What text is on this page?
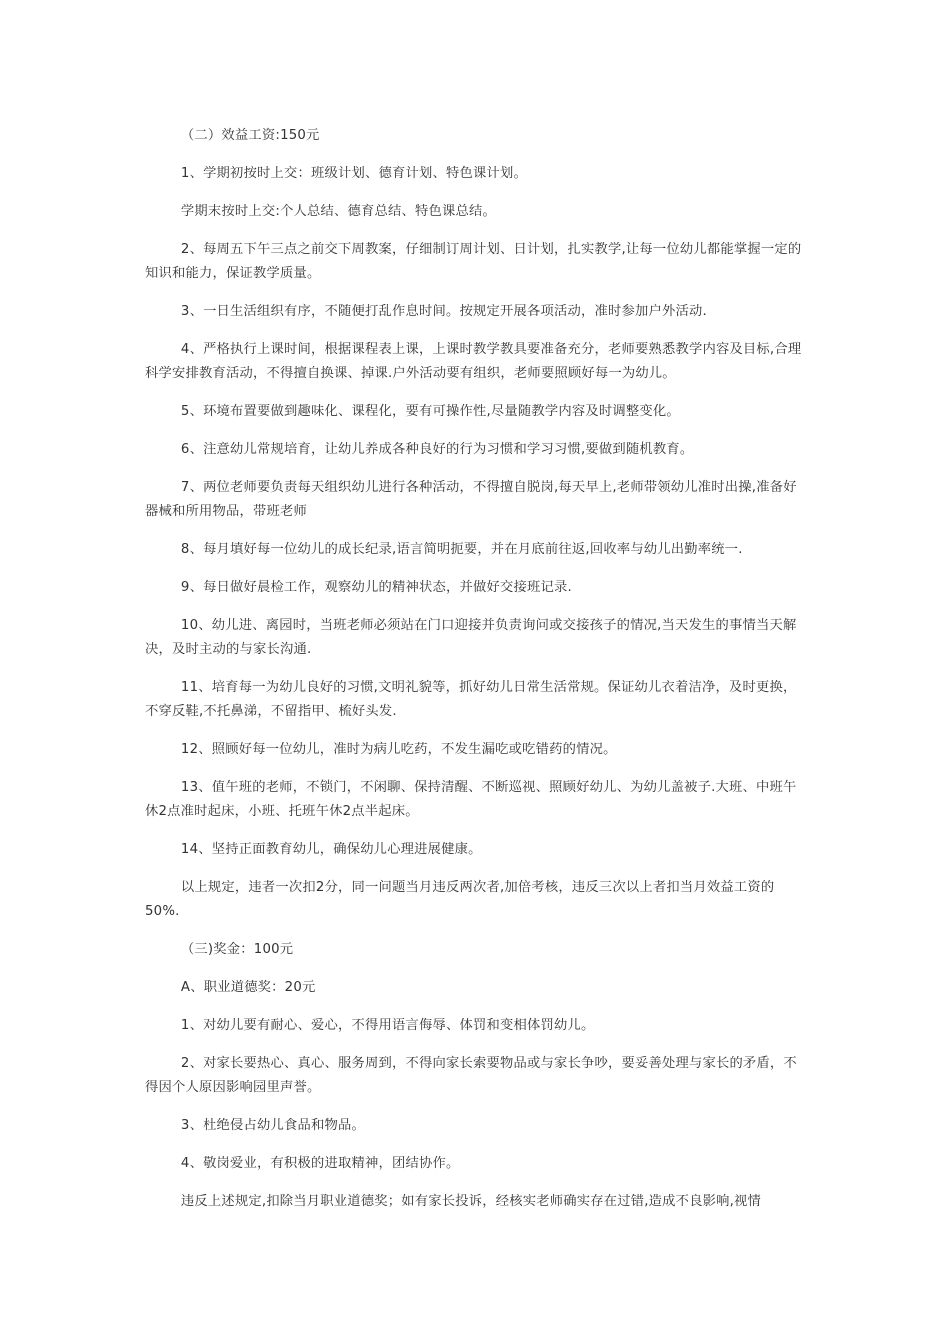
（二）效益工资:150元

1、学期初按时上交：班级计划、德育计划、特色课计划。

学期末按时上交:个人总结、德育总结、特色课总结。

2、每周五下午三点之前交下周教案，仔细制订周计划、日计划，扎实教学,让每一位幼儿都能掌握一定的知识和能力，保证教学质量。

3、一日生活组织有序，不随便打乱作息时间。按规定开展各项活动，准时参加户外活动.

4、严格执行上课时间，根据课程表上课，上课时教学教具要准备充分，老师要熟悉教学内容及目标,合理科学安排教育活动，不得擅自换课、掉课.户外活动要有组织，老师要照顾好每一为幼儿。

5、环境布置要做到趣味化、课程化，要有可操作性,尽量随教学内容及时调整变化。

6、注意幼儿常规培育，让幼儿养成各种良好的行为习惯和学习习惯,要做到随机教育。

7、两位老师要负责每天组织幼儿进行各种活动，不得擅自脱岗,每天早上,老师带领幼儿准时出操,准备好器械和所用物品，带班老师

8、每月填好每一位幼儿的成长纪录,语言简明扼要，并在月底前往返,回收率与幼儿出勤率统一.

9、每日做好晨检工作，观察幼儿的精神状态，并做好交接班记录.

10、幼儿进、离园时，当班老师必须站在门口迎接并负责询问或交接孩子的情况,当天发生的事情当天解决，及时主动的与家长沟通.

11、培育每一为幼儿良好的习惯,文明礼貌等，抓好幼儿日常生活常规。保证幼儿衣着洁净，及时更换，不穿反鞋,不托鼻涕，不留指甲、梳好头发.

12、照顾好每一位幼儿，准时为病儿吃药，不发生漏吃或吃错药的情况。

13、值午班的老师，不锁门，不闲聊、保持清醒、不断巡视、照顾好幼儿、为幼儿盖被子.大班、中班午休2点准时起床，小班、托班午休2点半起床。

14、坚持正面教育幼儿，确保幼儿心理进展健康。

以上规定，违者一次扣2分，同一问题当月违反两次者,加倍考核，违反三次以上者扣当月效益工资的50%.

（三)奖金：100元

A、职业道德奖：20元

1、对幼儿要有耐心、爱心，不得用语言侮辱、体罚和变相体罚幼儿。

2、对家长要热心、真心、服务周到，不得向家长索要物品或与家长争吵，要妥善处理与家长的矛盾，不得因个人原因影响园里声誉。

3、杜绝侵占幼儿食品和物品。

4、敬岗爱业，有积极的进取精神，团结协作。

违反上述规定,扣除当月职业道德奖；如有家长投诉，经核实老师确实存在过错,造成不良影响,视情
